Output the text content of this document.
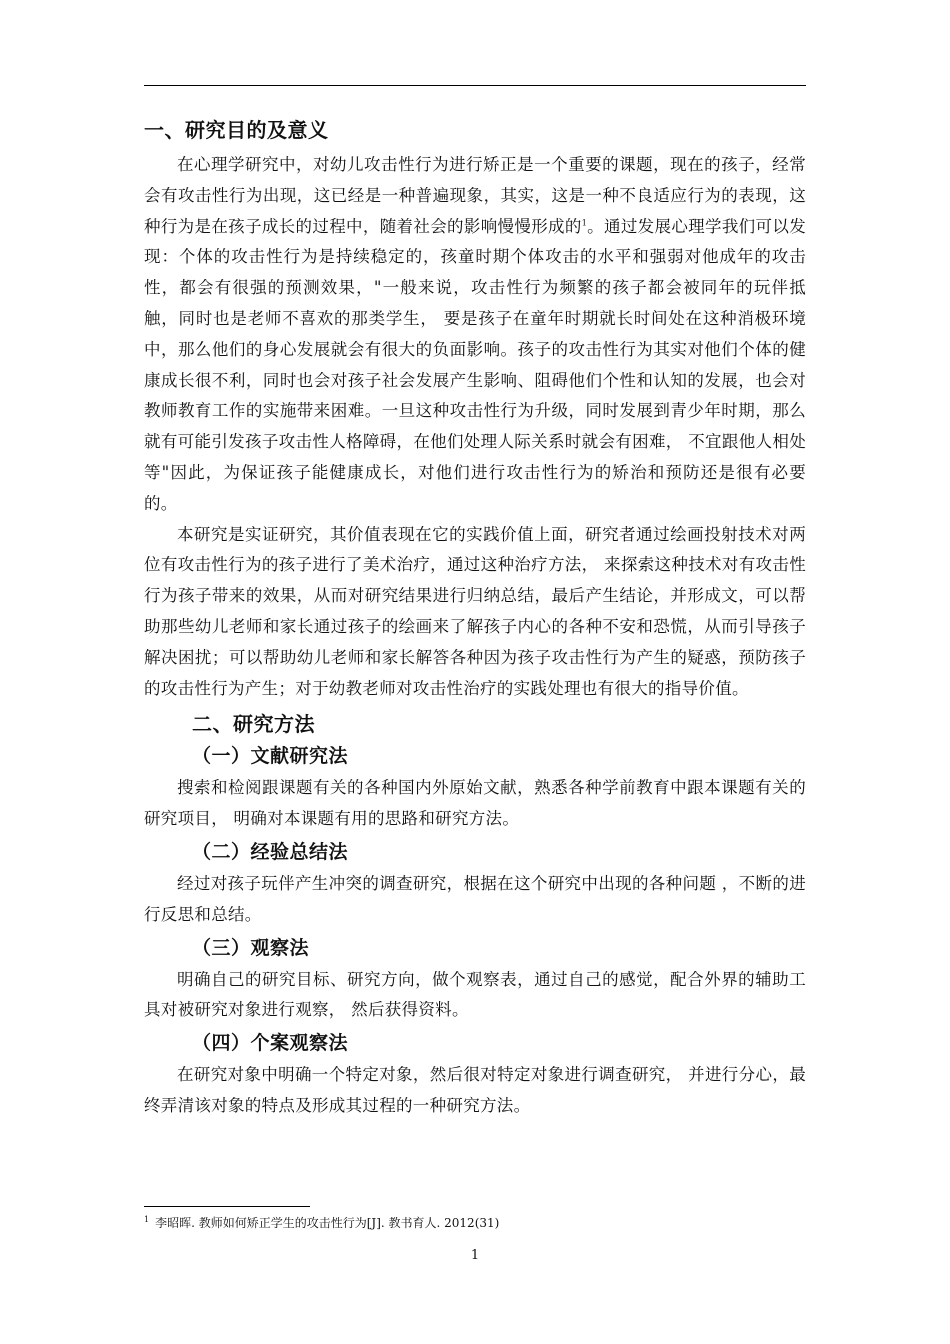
一、研究目的及意义

在心理学研究中，对幼儿攻击性行为进行矫正是一个重要的课题，现在的孩子，经常会有攻击性行为出现，这已经是一种普遍现象，其实，这是一种不良适应行为的表现，这种行为是在孩子成长的过程中，随着社会的影响慢慢形成的$^1$。通过发展心理学我们可以发现：个体的攻击性行为是持续稳定的，孩童时期个体攻击的水平和强弱对他成年的攻击性，都会有很强的预测效果，"一般来说，攻击性行为频繁的孩子都会被同年的玩伴抵触，同时也是老师不喜欢的那类学生， 要是孩子在童年时期就长时间处在这种消极环境中，那么他们的身心发展就会有很大的负面影响。孩子的攻击性行为其实对他们个体的健康成长很不利，同时也会对孩子社会发展产生影响、阻碍他们个性和认知的发展，也会对教师教育工作的实施带来困难。一旦这种攻击性行为升级，同时发展到青少年时期，那么就有可能引发孩子攻击性人格障碍，在他们处理人际关系时就会有困难， 不宜跟他人相处等"因此，为保证孩子能健康成长，对他们进行攻击性行为的矫治和预防还是很有必要的。

本研究是实证研究，其价值表现在它的实践价值上面，研究者通过绘画投射技术对两位有攻击性行为的孩子进行了美术治疗，通过这种治疗方法， 来探索这种技术对有攻击性行为孩子带来的效果，从而对研究结果进行归纳总结，最后产生结论，并形成文，可以帮助那些幼儿老师和家长通过孩子的绘画来了解孩子内心的各种不安和恐慌，从而引导孩子解决困扰；可以帮助幼儿老师和家长解答各种因为孩子攻击性行为产生的疑惑，预防孩子的攻击性行为产生；对于幼教老师对攻击性治疗的实践处理也有很大的指导价值。

二、研究方法
（一）文献研究法

搜索和检阅跟课题有关的各种国内外原始文献，熟悉各种学前教育中跟本课题有关的研究项目， 明确对本课题有用的思路和研究方法。

（二）经验总结法

经过对孩子玩伴产生冲突的调查研究，根据在这个研究中出现的各种问题 ，不断的进行反思和总结。

（三）观察法

明确自己的研究目标、研究方向，做个观察表，通过自己的感觉，配合外界的辅助工具对被研究对象进行观察， 然后获得资料。

（四）个案观察法

在研究对象中明确一个特定对象，然后很对特定对象进行调查研究， 并进行分心，最终弄清该对象的特点及形成其过程的一种研究方法。

$^1$ 李昭晖. 教师如何矫正学生的攻击性行为[J]. 教书育人. 2012(31)
1
